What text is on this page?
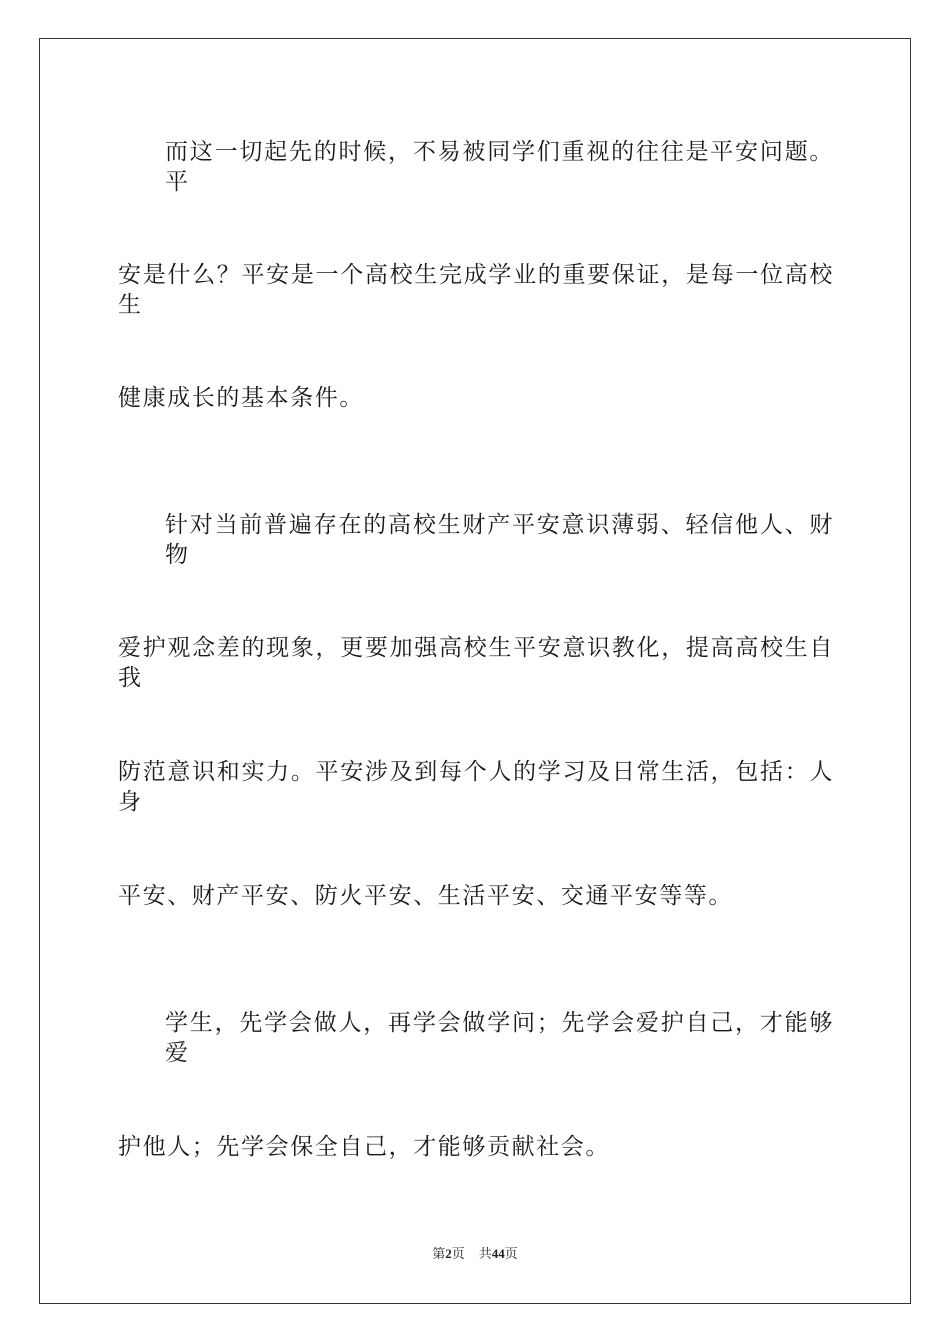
而这一切起先的时候，不易被同学们重视的往往是平安问题。平
安是什么？平安是一个高校生完成学业的重要保证，是每一位高校生
健康成长的基本条件。
针对当前普遍存在的高校生财产平安意识薄弱、轻信他人、财物
爱护观念差的现象，更要加强高校生平安意识教化，提高高校生自我
防范意识和实力。平安涉及到每个人的学习及日常生活，包括：人身
平安、财产平安、防火平安、生活平安、交通平安等等。
学生，先学会做人，再学会做学问；先学会爱护自己，才能够爱
护他人；先学会保全自己，才能够贡献社会。
第2页 共44页
